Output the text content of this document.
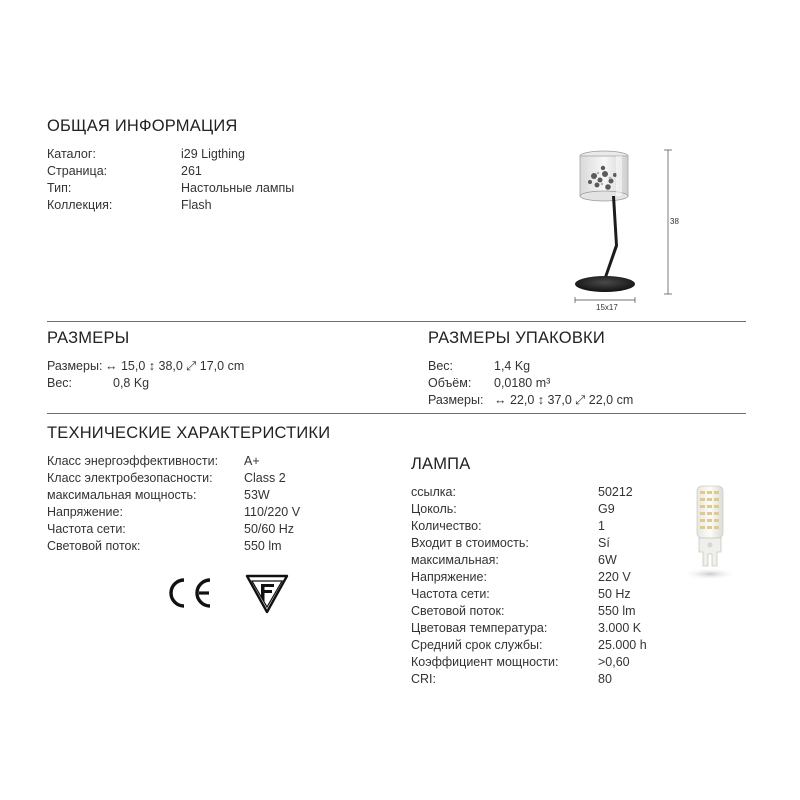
ОБЩАЯ ИНФОРМАЦИЯ
Каталог:	i29 Ligthing
Страница:	261
Тип:	Настольные лампы
Коллекция:	Flash
38
15x17
РАЗМЕРЫ
Размеры: ↔ 15,0 ↕ 38,0 ⤢ 17,0 cm
Вес:	0,8 Kg
РАЗМЕРЫ УПАКОВКИ
Вес:	1,4 Kg
Объём: 0,0180 m³
Размеры: ↔ 22,0 ↕ 37,0 ⤢ 22,0 cm
ТЕХНИЧЕСКИЕ ХАРАКТЕРИСТИКИ
Класс энергоэффективности: A+
Класс электробезопасности:	Class 2
максимальная мощность:	53W
Напряжение:	110/220 V
Частота сети:	50/60 Hz
Световой поток:	550 lm
ЛАМПА
ссылка:	50212
Цоколь:	G9
Количество:	1
Входит в стоимость:	Sí
максимальная:	6W
Напряжение:	220 V
Частота сети:	50 Hz
Световой поток:	550 lm
Цветовая температура:	3.000 K
Средний срок службы:	25.000 h
Коэффициент мощности:	>0,60
CRI:	80
